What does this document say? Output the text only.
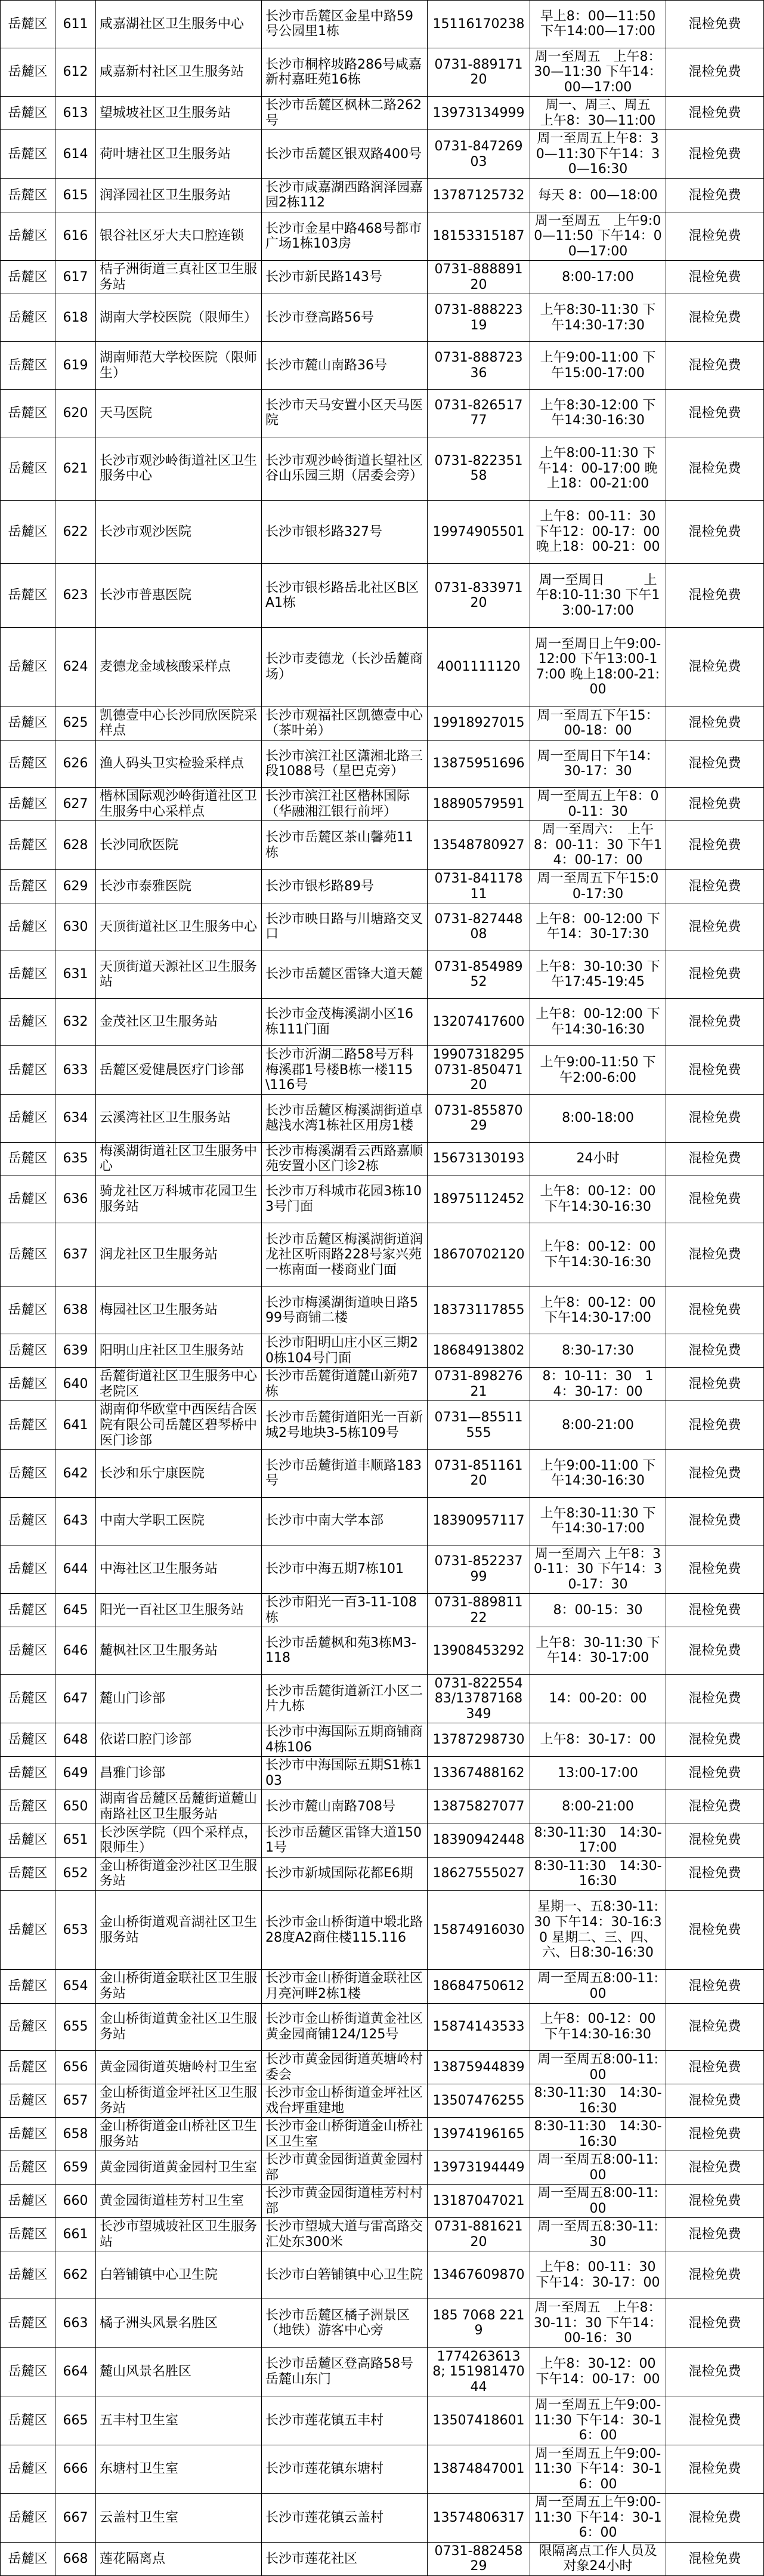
岳麓区	611	咸嘉湖社区卫生服务中心	长沙市岳麓区金星中路59号公园里1栋	15116170238	早上8：00—11:50　　下午14:00—17:00	混检免费
岳麓区	612	咸嘉新村社区卫生服务站	长沙市桐梓坡路286号咸嘉新村嘉旺苑16栋	0731-88917120	周一至周五　上午8：30—11:30 下午14：00—17:00	混检免费
岳麓区	613	望城坡社区卫生服务站	长沙市岳麓区枫林二路262号	13973134999	周一、周三、周五　上午8：30—11:00	混检免费
岳麓区	614	荷叶塘社区卫生服务站	长沙市岳麓区银双路400号	0731-84726903	周一至周五上午8：30—11:30下午14：30—16:30	混检免费
岳麓区	615	润泽园社区卫生服务站	长沙市咸嘉湖西路润泽园嘉园2栋112	13787125732	每天 8：00—18:00	混检免费
岳麓区	616	银谷社区牙大夫口腔连锁	长沙市金星中路468号都市广场1栋103房	18153315187	周一至周五　上午9:00—11:50 下午14：00—17:00	混检免费
岳麓区	617	桔子洲街道三真社区卫生服务站	长沙市新民路143号	0731-88889120	8:00-17:00	混检免费
岳麓区	618	湖南大学校医院（限师生）	长沙市登高路56号	0731-88822319	上午8:30-11:30 下午14:30-17:30	混检免费
岳麓区	619	湖南师范大学校医院（限师生）	长沙市麓山南路36号	0731-88872336	上午9:00-11:00 下午15:00-17:00	混检免费
岳麓区	620	天马医院	长沙市天马安置小区天马医院	0731-82651777	上午8:30-12:00 下午14:30-16:30	混检免费
岳麓区	621	长沙市观沙岭街道社区卫生服务中心	长沙市观沙岭街道长望社区谷山乐园三期（居委会旁）	0731-82235158	上午8:00-11:30 下午14：00-17:00 晚上18：00-21:00	混检免费
岳麓区	622	长沙市观沙医院	长沙市银杉路327号	19974905501	上午8：00-11：30 下午12：00-17：00 晚上18：00-21：00	混检免费
岳麓区	623	长沙市普惠医院	长沙市银杉路岳北社区B区A1栋	0731-83397120	周一至周日　　　上午8:10-11:30 下午13:00-17:00	混检免费
岳麓区	624	麦德龙金域核酸采样点	长沙市麦德龙（长沙岳麓商场）	4001111120	周一至周日上午9:00-12:00 下午13:00-17:00 晚上18:00-21:00	混检免费
岳麓区	625	凯德壹中心长沙同欣医院采样点	长沙市观福社区凯德壹中心（茶叶弟）	19918927015	周一至周五下午15：00-18：00	混检免费
岳麓区	626	渔人码头卫实检验采样点	长沙市滨江社区潇湘北路三段1088号（星巴克旁）	13875951696	周一至周日下午14：30-17：30	混检免费
岳麓区	627	楷林国际观沙岭街道社区卫生服务中心采样点	长沙市滨江社区楷林国际（华融湘江银行前坪）	18890579591	周一至周五上午8：00-11：30	混检免费
岳麓区	628	长沙同欣医院	长沙市岳麓区茶山馨苑11栋	13548780927	周一至周六：　上午8：00-11：30 下午14：00-17：00	混检免费
岳麓区	629	长沙市泰雅医院	长沙市银杉路89号	0731-84117811	周一至周五下午15:00-17:30	混检免费
岳麓区	630	天顶街道社区卫生服务中心	长沙市映日路与川塘路交叉口	0731-82744808	上午8：00-12:00 下午14：30-17:30	混检免费
岳麓区	631	天顶街道天源社区卫生服务站	长沙市岳麓区雷锋大道天麓	0731-85498952	上午8：30-10:30 下午17:45-19:45	混检免费
岳麓区	632	金茂社区卫生服务站	长沙市金茂梅溪湖小区16栋111门面	13207417600	上午8：00-12:00 下午14:30-16:30	混检免费
岳麓区	633	岳麓区爱健晨医疗门诊部	长沙市沂湖二路58号万科梅溪郡1号楼B栋一楼115\116号	19907318295 0731-85047120	上午9:00-11:50 下午2:00-6:00	混检免费
岳麓区	634	云溪湾社区卫生服务站	长沙市岳麓区梅溪湖街道卓越浅水湾1栋社区用房1楼	0731-85587029	8:00-18:00	混检免费
岳麓区	635	梅溪湖街道社区卫生服务中心	长沙市梅溪湖看云西路嘉顺苑安置小区门诊2栋	15673130193	24小时	混检免费
岳麓区	636	骑龙社区万科城市花园卫生服务站	长沙市万科城市花园3栋103号门面	18975112452	上午8：00-12：00 下午14:30-16:30	混检免费
岳麓区	637	润龙社区卫生服务站	长沙市岳麓区梅溪湖街道润龙社区听雨路228号家兴苑一栋南面一楼商业门面	18670702120	上午8：00-12：00 下午14:30-16:30	混检免费
岳麓区	638	梅园社区卫生服务站	长沙市梅溪湖街道映日路599号商铺二楼	18373117855	上午8：00-12：00 下午14:30-17:00	混检免费
岳麓区	639	阳明山庄社区卫生服务站	长沙市阳明山庄小区三期20栋104号门面	18684913802	8:30-17:30	混检免费
岳麓区	640	岳麓街道社区卫生服务中心老院区	长沙市岳麓街道麓山新苑7栋	0731-89827621	8：10-11：30　14：30-17：00	混检免费
岳麓区	641	湖南仰华欧堂中西医结合医院有限公司岳麓区碧琴桥中医门诊部	长沙市岳麓街道阳光一百新城2号地块3-5栋109号	0731—85511555	8:00-21:00	混检免费
岳麓区	642	长沙和乐宁康医院	长沙市岳麓街道丰顺路183号	0731-85116120	上午9:00-11:00 下午14:30-16:30	混检免费
岳麓区	643	中南大学职工医院	长沙市中南大学本部	18390957117	上午8:30-11:30 下午14:30-17:00	混检免费
岳麓区	644	中海社区卫生服务站	长沙市中海五期7栋101	0731-85223799	周一至周六 上午8：30-11：30 下午14：30-17：30	混检免费
岳麓区	645	阳光一百社区卫生服务站	长沙市阳光一百3-11-108栋	0731-88981122	8：00-15：30	混检免费
岳麓区	646	麓枫社区卫生服务站	长沙市岳麓枫和苑3栋M3-118	13908453292	上午8：30-11:30 下午14：30-17:00	混检免费
岳麓区	647	麓山门诊部	长沙市岳麓街道新江小区二片九栋	0731-82255483/13787168349	14：00-20：00	混检免费
岳麓区	648	依诺口腔门诊部	长沙市中海国际五期商铺商4栋106	13787298730	上午8：30-17：00	混检免费
岳麓区	649	昌雅门诊部	长沙市中海国际五期S1栋103	13367488162	13:00-17:00	混检免费
岳麓区	650	湖南省岳麓区岳麓街道麓山南路社区卫生服务站	长沙市麓山南路708号	13875827077	8:00-21:00	混检免费
岳麓区	651	长沙医学院（四个采样点，限师生）	长沙市岳麓区雷锋大道1501号	18390942448	8:30-11:30　14:30-17:00	混检免费
岳麓区	652	金山桥街道金沙社区卫生服务站	长沙市新城国际花都E6期	18627555027	8:30-11:30　14:30-16:30	混检免费
岳麓区	653	金山桥街道观音湖社区卫生服务站	长沙市金山桥街道中塅北路28度A2商住楼115.116	15874916030	星期一、五8:30-11:30 下午14：30-16:30 星期二、三、四、六、日8:30-16:30	混检免费
岳麓区	654	金山桥街道金联社区卫生服务站	长沙市金山桥街道金联社区月亮河畔2栋1楼	18684750612	周一至周五8:00-11:00	混检免费
岳麓区	655	金山桥街道黄金社区卫生服务站	长沙市金山桥街道黄金社区黄金园商铺124/125号	15874143533	上午8：00-12：00 下午14:30-16:30	混检免费
岳麓区	656	黄金园街道英塘岭村卫生室	长沙市黄金园街道英塘岭村委会	13875944839	周一至周五8:00-11:00	混检免费
岳麓区	657	金山桥街道金坪社区卫生服务站	长沙市金山桥街道金坪社区戏台坪重建地	13507476255	8:30-11:30　14:30-16:30	混检免费
岳麓区	658	金山桥街道金山桥社区卫生服务站	长沙市金山桥街道金山桥社区卫生室	13974196165	8:30-11:30　14:30-16:30	混检免费
岳麓区	659	黄金园街道黄金园村卫生室	长沙市黄金园街道黄金园村部	13973194449	周一至周五8:00-11:00	混检免费
岳麓区	660	黄金园街道桂芳村卫生室	长沙市黄金园街道桂芳村村部	13187047021	周一至周五8:00-11:00	混检免费
岳麓区	661	长沙市望城坡社区卫生服务站	长沙市望城大道与雷高路交汇处东300米	0731-88162120	周一至周五8:30-11:30	混检免费
岳麓区	662	白箬铺镇中心卫生院	长沙市白箬铺镇中心卫生院	13467609870	上午8：00-11：30 下午14：30-17：00	混检免费
岳麓区	663	橘子洲头风景名胜区	长沙市岳麓区橘子洲景区（地铁）游客中心旁	185 7068 2219	周一至周五　上午8：30-11：30 下午14：00-16：30	混检免费
岳麓区	664	麓山风景名胜区	长沙市岳麓区登高路58号岳麓山东门	17742636138; 15198147044	上午8：30-12：00 下午14：00-17：00	混检免费
岳麓区	665	五丰村卫生室	长沙市莲花镇五丰村	13507418601	周一至周五上午9:00-11:30 下午14：30-16：00	混检免费
岳麓区	666	东塘村卫生室	长沙市莲花镇东塘村	13874847001	周一至周五上午9:00-11:30 下午14：30-16：00	混检免费
岳麓区	667	云盖村卫生室	长沙市莲花镇云盖村	13574806317	周一至周五上午9:00-11:30 下午14：30-16：00	混检免费
岳麓区	668	莲花隔离点	长沙市莲花社区	0731-88245829	限隔离点工作人员及对象24小时	混检免费
